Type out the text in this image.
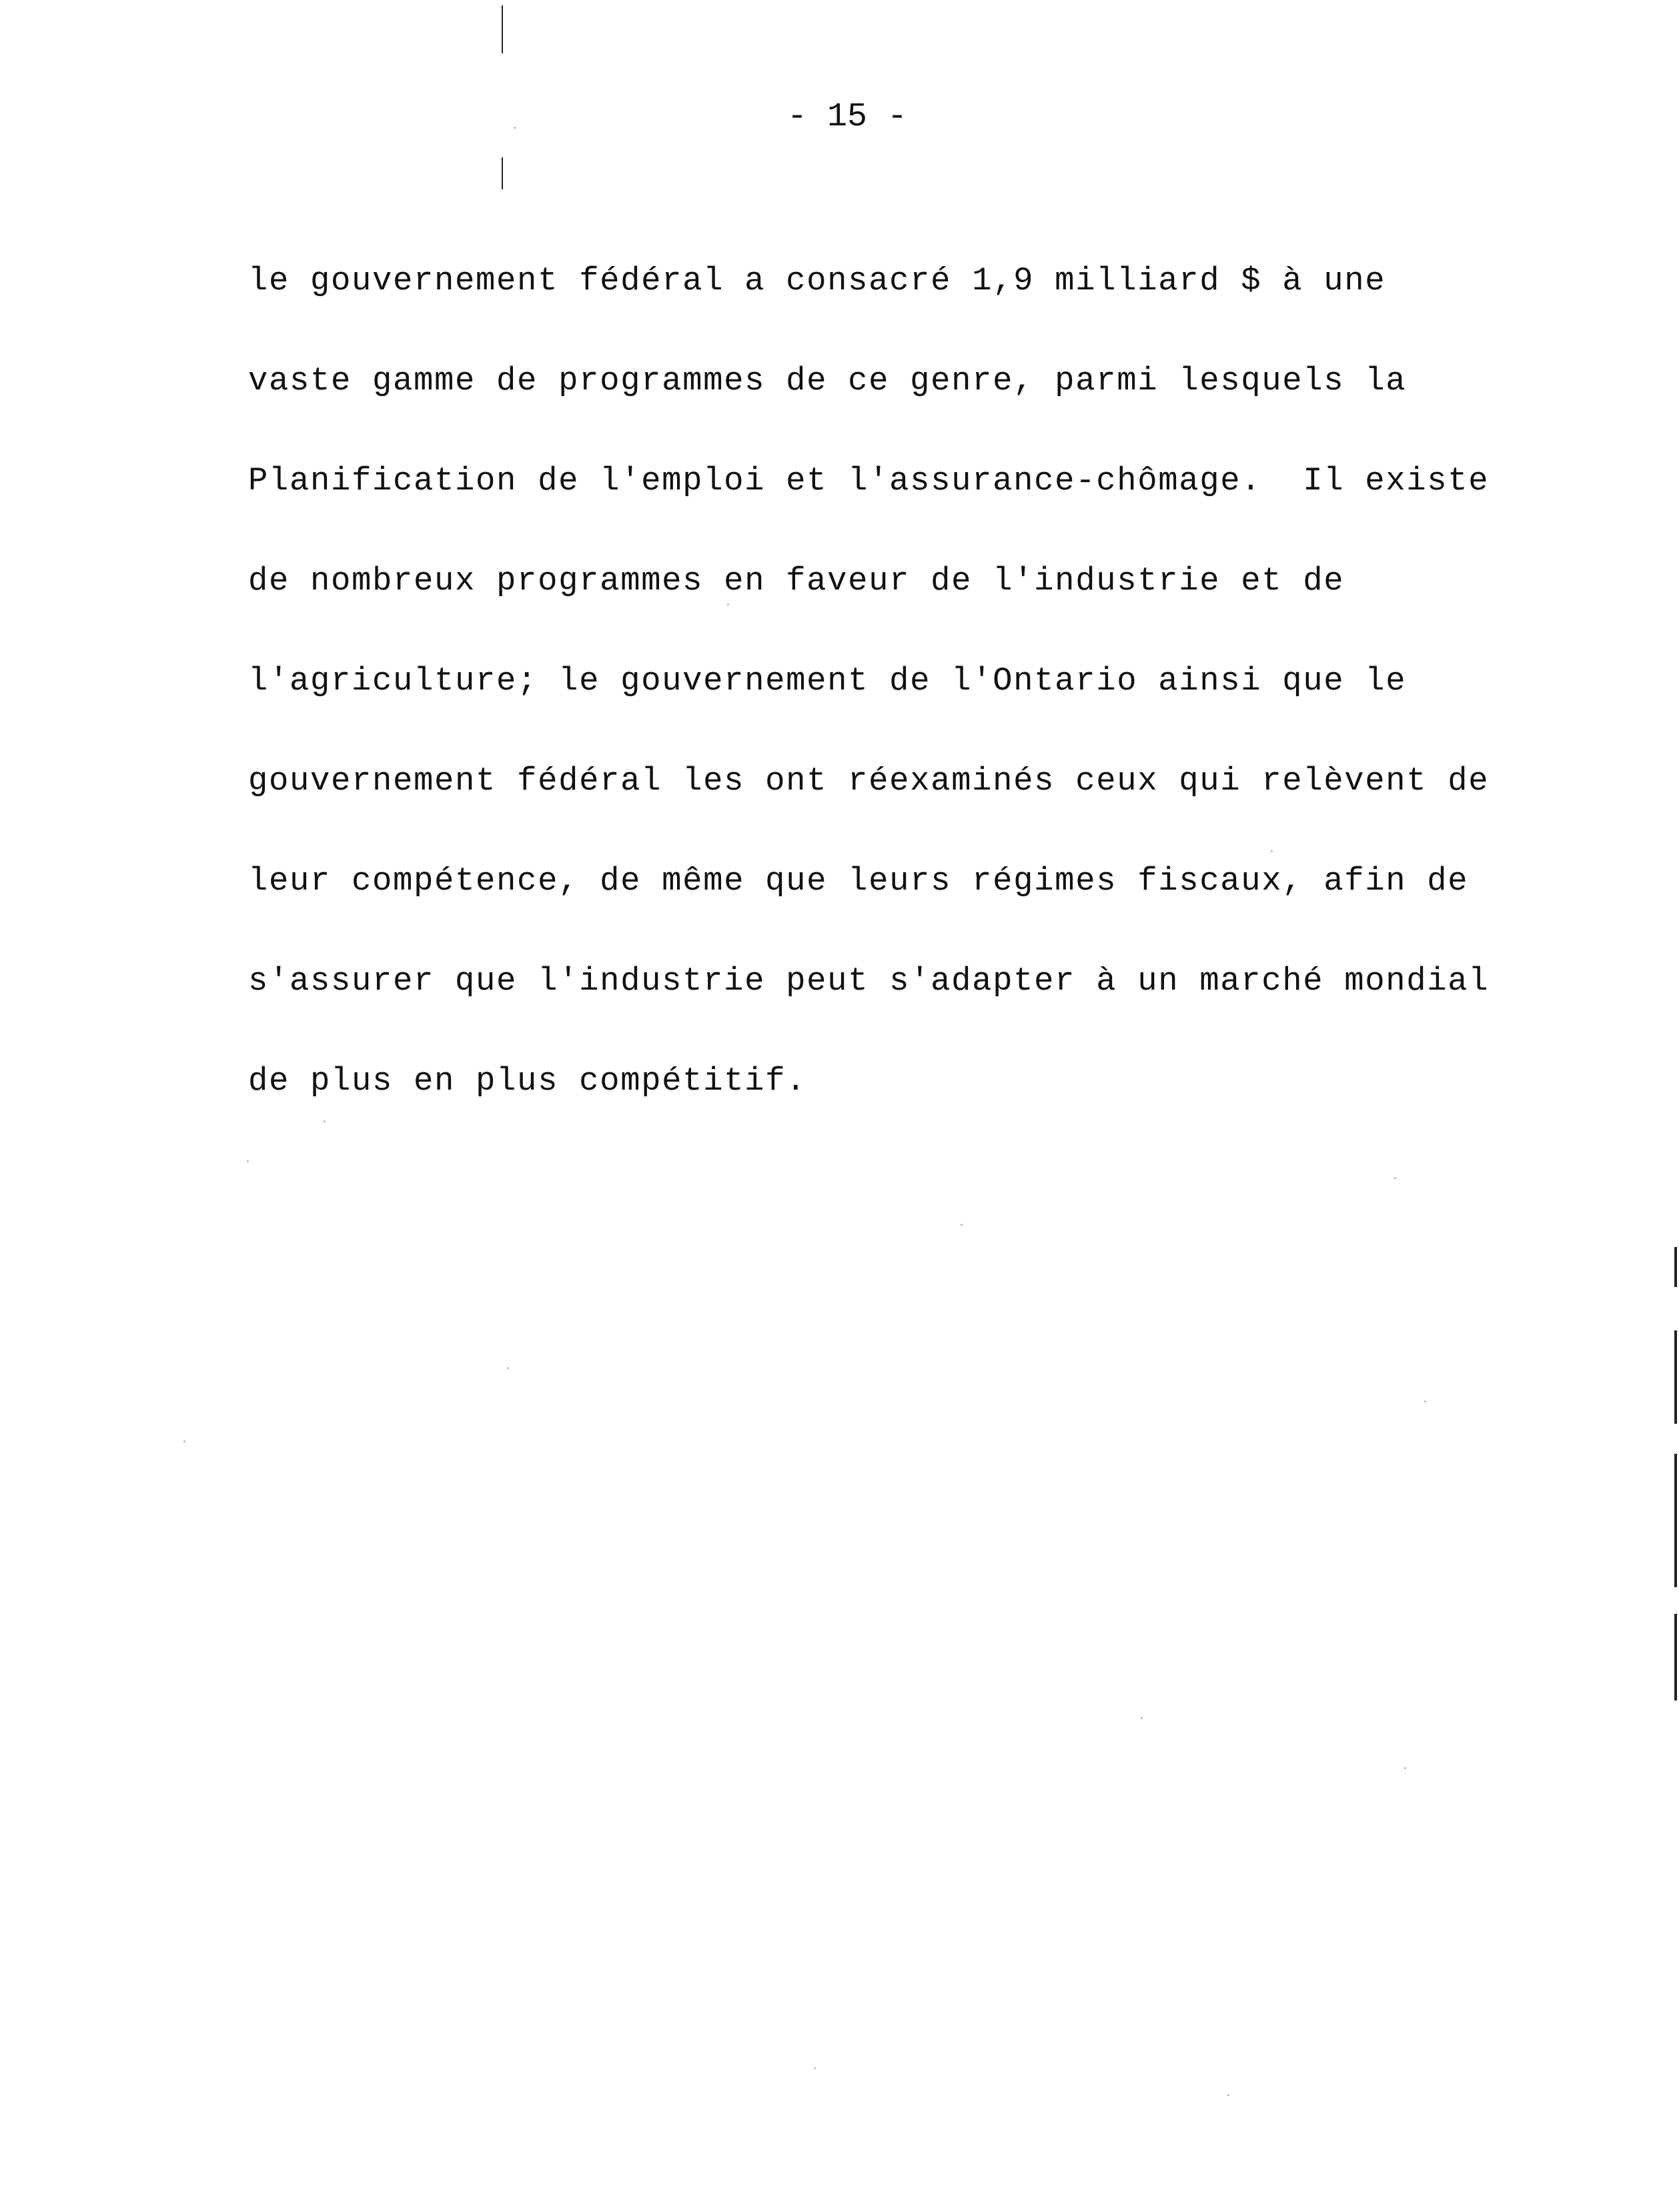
- 15 -

le gouvernement fédéral a consacré 1,9 milliard $ à une

vaste gamme de programmes de ce genre, parmi lesquels la

Planification de l'emploi et l'assurance-chômage.  Il existe

de nombreux programmes en faveur de l'industrie et de

l'agriculture; le gouvernement de l'Ontario ainsi que le

gouvernement fédéral les ont réexaminés ceux qui relèvent de

leur compétence, de même que leurs régimes fiscaux, afin de

s'assurer que l'industrie peut s'adapter à un marché mondial

de plus en plus compétitif.
